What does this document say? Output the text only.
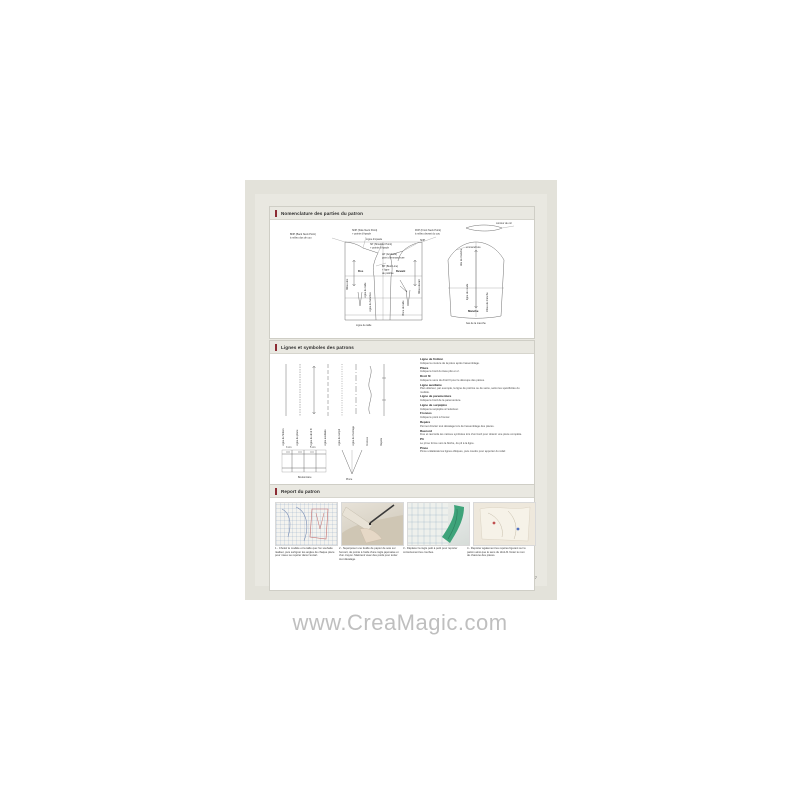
Nomenclature des parties du patron
BNP (Back Neck Point)
à milieu dos de cou
SNP (Side Neck Point)
+ pointe d'épaule
Ligne d'épaule
SP (Shoulder Point)
+ pointe d'épaule
AP (Armhole)
point d'emmanchure
BP (Bust Line)
+ ligne
de poitrine
FNP (Front Neck Point)
à milieu devant du cou
SNP
Dos	Devant
Ligne de taille
Ligne de taille
Ligne de hanches
Milieu dos	Milieu devant
Pince de taille
contour de col
emmanchure
Manche
tête de manche
ligne de coude
milieu de manche
bas de la manche
Lignes et symboles des patrons
Ligne de finition	Ligne de pliure	Ligne de droit fil	Ligne auxiliaire	Ligne de rempli	Ligne de montage	Fronces	Repère
3 cm	5 cm
Boutonnière
Pince
Ligne de finition
Indique la couture de la pièce après l'assemblage.
Pliure
Indique le bord du tissu plié en 2.
Droit fil
Indique le sens du droit fil pour le découpe des pièces.
Ligne auxiliaire
Plan ultérieur, par exemple, la ligne de poitrine ou de seins, selon les spécificités du modèle.
Ligne de parementure
Indique le bord de la parementure.
Ligne de surpiqûre
Indique la surpiqûre à l'extérieur.
Fronces
Indique le point à froncer.
Repère
Permet d'éviter tout décalage lors de l'assemblage des pièces.
Raccord
Fixe et raccorde les mêmes symboles lors d'un bord pour obtenir une pièce complète.
Pli
Le pli se forme vers la flèche, du pli à la ligne.
Pince
Pince unilatérale les lignes obliques, puis coudre pour apporter du relief.
Report du patron
1 - Choisir le modèle et la taille que l'on souhaite réaliser, puis surligner les angles de chaque pièce pour mieux se repérer dans l'encart.
2 - Superposer une feuille de papier de soie sur l'encart, de pointe à l'aide d'une règle japonaise et d'un crayon. Maintenir avec des poids pour éviter tout décalage.
3 - Déplacer la règle petit à petit pour reporter correctement les courbes.
4 - Reporter également les repères figurant sur le patron ainsi que le sens du droit-fil. Noter le nom de chacune des pièces.
7
www.CreaMagic.com
